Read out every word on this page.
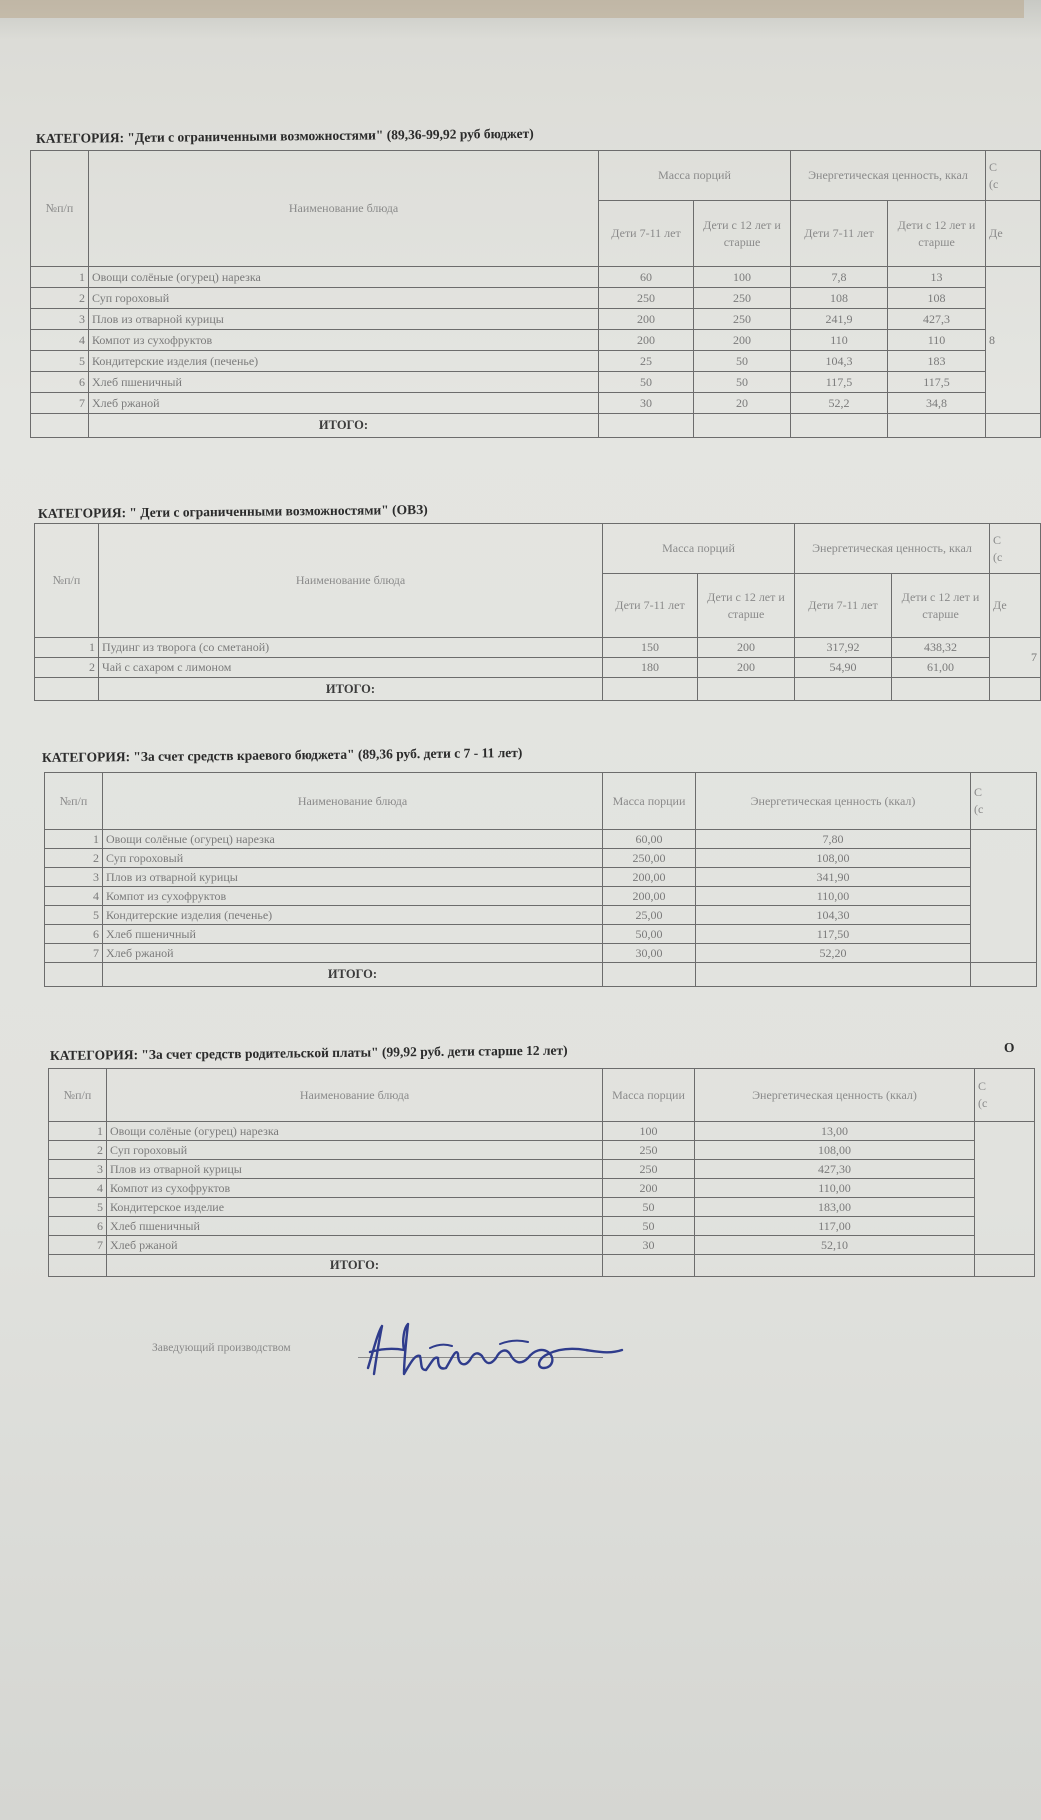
КАТЕГОРИЯ: "Дети с ограниченными возможностями" (89,36-99,92 руб бюджет)
№п/п	Наименование блюда	Масса порций		Энергетическая ценность, ккал		С
(с
		Дети 7-11 лет	Дети с 12 лет и старше	Дети 7-11 лет	Дети с 12 лет и старше	Де
1	Овощи солёные (огурец) нарезка	60	100	7,8	13	8
2	Суп гороховый	250	250	108	108	
3	Плов из отварной курицы	200	250	241,9	427,3	
4	Компот из сухофруктов	200	200	110	110	
5	Кондитерские изделия (печенье)	25	50	104,3	183	
6	Хлеб пшеничный	50	50	117,5	117,5	
7	Хлеб ржаной	30	20	52,2	34,8	
	ИТОГО:					
КАТЕГОРИЯ: " Дети с ограниченными возможностями" (ОВЗ)
№п/п	Наименование блюда	Масса порций		Энергетическая ценность, ккал		С
(с
		Дети 7-11 лет	Дети с 12 лет и старше	Дети 7-11 лет	Дети с 12 лет и старше	Де
1	Пудинг из творога (со сметаной)	150	200	317,92	438,32	7
2	Чай с сахаром с лимоном	180	200	54,90	61,00	
	ИТОГО:					
КАТЕГОРИЯ: "За счет средств краевого бюджета" (89,36 руб. дети с 7 - 11 лет)
№п/п	Наименование блюда	Масса порции	Энергетическая ценность (ккал)	С
(с
1	Овощи солёные (огурец) нарезка	60,00	7,80	
2	Суп гороховый	250,00	108,00	
3	Плов из отварной курицы	200,00	341,90	
4	Компот из сухофруктов	200,00	110,00	
5	Кондитерские изделия (печенье)	25,00	104,30	
6	Хлеб пшеничный	50,00	117,50	
7	Хлеб ржаной	30,00	52,20	
	ИТОГО:			
КАТЕГОРИЯ: "За счет средств родительской платы" (99,92 руб. дети старше 12 лет)	О
№п/п	Наименование блюда	Масса порции	Энергетическая ценность (ккал)	С
(с
1	Овощи солёные (огурец) нарезка	100	13,00	
2	Суп гороховый	250	108,00	
3	Плов из отварной курицы	250	427,30	
4	Компот из сухофруктов	200	110,00	
5	Кондитерское изделие	50	183,00	
6	Хлеб пшеничный	50	117,00	
7	Хлеб ржаной	30	52,10	
	ИТОГО:			
Заведующий производством
